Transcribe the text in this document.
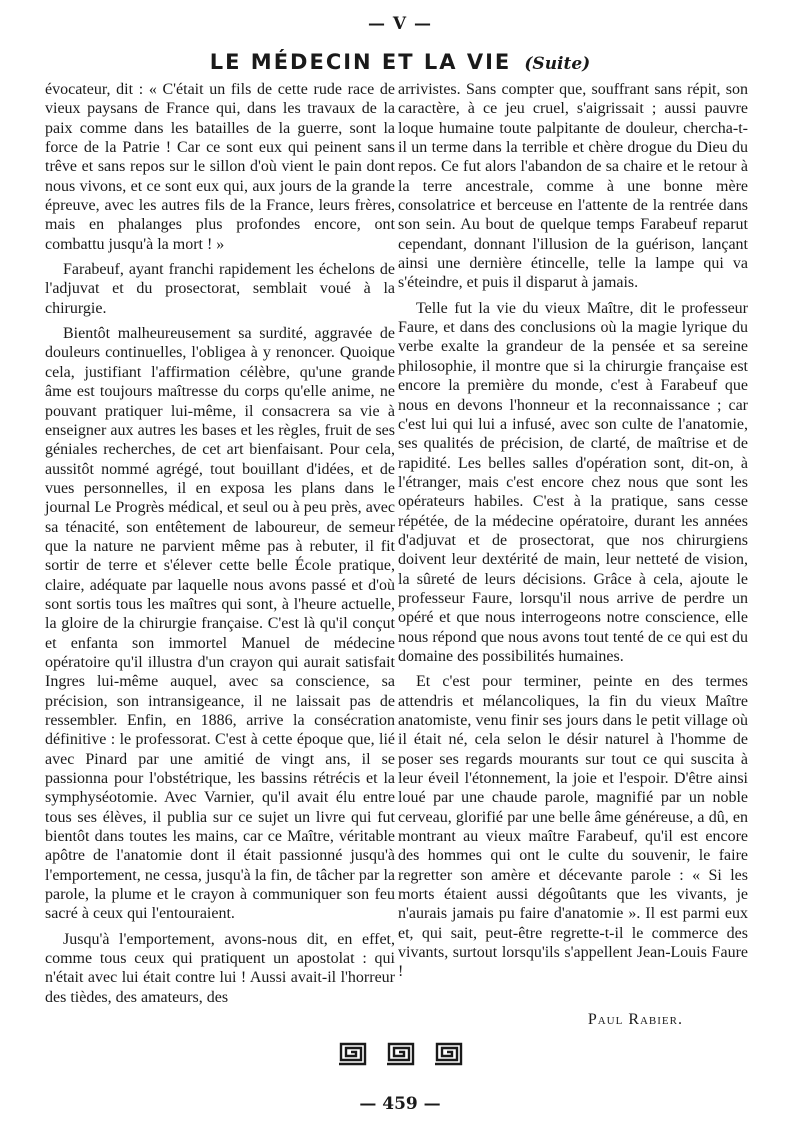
— V —
LE MÉDECIN ET LA VIE (Suite)

évocateur, dit : « C'était un fils de cette rude race de vieux paysans de France qui, dans les travaux de la paix comme dans les batailles de la guerre, sont la force de la Patrie ! Car ce sont eux qui peinent sans trêve et sans repos sur le sillon d'où vient le pain dont nous vivons, et ce sont eux qui, aux jours de la grande épreuve, avec les autres fils de la France, leurs frères, mais en phalanges plus profondes encore, ont combattu jusqu'à la mort ! »

Farabeuf, ayant franchi rapidement les échelons de l'adjuvat et du prosectorat, semblait voué à la chirurgie.

Bientôt malheureusement sa surdité, aggravée de douleurs continuelles, l'obligea à y renoncer. Quoique cela, justifiant l'affirmation célèbre, qu'une grande âme est toujours maîtresse du corps qu'elle anime, ne pouvant pratiquer lui-même, il consacrera sa vie à enseigner aux autres les bases et les règles, fruit de ses géniales recherches, de cet art bienfaisant. Pour cela, aussitôt nommé agrégé, tout bouillant d'idées, et de vues personnelles, il en exposa les plans dans le journal Le Progrès médical, et seul ou à peu près, avec sa ténacité, son entêtement de laboureur, de semeur que la nature ne parvient même pas à rebuter, il fit sortir de terre et s'élever cette belle École pratique, claire, adéquate par laquelle nous avons passé et d'où sont sortis tous les maîtres qui sont, à l'heure actuelle, la gloire de la chirurgie française. C'est là qu'il conçut et enfanta son immortel Manuel de médecine opératoire qu'il illustra d'un crayon qui aurait satisfait Ingres lui-même auquel, avec sa conscience, sa précision, son intransigeance, il ne laissait pas de ressembler. Enfin, en 1886, arrive la consécration définitive : le professorat. C'est à cette époque que, lié avec Pinard par une amitié de vingt ans, il se passionna pour l'obstétrique, les bassins rétrécis et la symphyséotomie. Avec Varnier, qu'il avait élu entre tous ses élèves, il publia sur ce sujet un livre qui fut bientôt dans toutes les mains, car ce Maître, véritable apôtre de l'anatomie dont il était passionné jusqu'à l'emportement, ne cessa, jusqu'à la fin, de tâcher par la parole, la plume et le crayon à communiquer son feu sacré à ceux qui l'entouraient.

Jusqu'à l'emportement, avons-nous dit, en effet, comme tous ceux qui pratiquent un apostolat : qui n'était avec lui était contre lui ! Aussi avait-il l'horreur des tièdes, des amateurs, des

arrivistes. Sans compter que, souffrant sans répit, son caractère, à ce jeu cruel, s'aigrissait ; aussi pauvre loque humaine toute palpitante de douleur, chercha-t-il un terme dans la terrible et chère drogue du Dieu du repos. Ce fut alors l'abandon de sa chaire et le retour à la terre ancestrale, comme à une bonne mère consolatrice et berceuse en l'attente de la rentrée dans son sein. Au bout de quelque temps Farabeuf reparut cependant, donnant l'illusion de la guérison, lançant ainsi une dernière étincelle, telle la lampe qui va s'éteindre, et puis il disparut à jamais.

Telle fut la vie du vieux Maître, dit le professeur Faure, et dans des conclusions où la magie lyrique du verbe exalte la grandeur de la pensée et sa sereine philosophie, il montre que si la chirurgie française est encore la première du monde, c'est à Farabeuf que nous en devons l'honneur et la reconnaissance ; car c'est lui qui lui a infusé, avec son culte de l'anatomie, ses qualités de précision, de clarté, de maîtrise et de rapidité. Les belles salles d'opération sont, dit-on, à l'étranger, mais c'est encore chez nous que sont les opérateurs habiles. C'est à la pratique, sans cesse répétée, de la médecine opératoire, durant les années d'adjuvat et de prosectorat, que nos chirurgiens doivent leur dextérité de main, leur netteté de vision, la sûreté de leurs décisions. Grâce à cela, ajoute le professeur Faure, lorsqu'il nous arrive de perdre un opéré et que nous interrogeons notre conscience, elle nous répond que nous avons tout tenté de ce qui est du domaine des possibilités humaines.

Et c'est pour terminer, peinte en des termes attendris et mélancoliques, la fin du vieux Maître anatomiste, venu finir ses jours dans le petit village où il était né, cela selon le désir naturel à l'homme de poser ses regards mourants sur tout ce qui suscita à leur éveil l'étonnement, la joie et l'espoir. D'être ainsi loué par une chaude parole, magnifié par un noble cerveau, glorifié par une belle âme généreuse, a dû, en montrant au vieux maître Farabeuf, qu'il est encore des hommes qui ont le culte du souvenir, le faire regretter son amère et décevante parole : « Si les morts étaient aussi dégoûtants que les vivants, je n'aurais jamais pu faire d'anatomie ». Il est parmi eux et, qui sait, peut-être regrette-t-il le commerce des vivants, surtout lorsqu'ils s'appellent Jean-Louis Faure !

Paul Rabier.
— 459 —
